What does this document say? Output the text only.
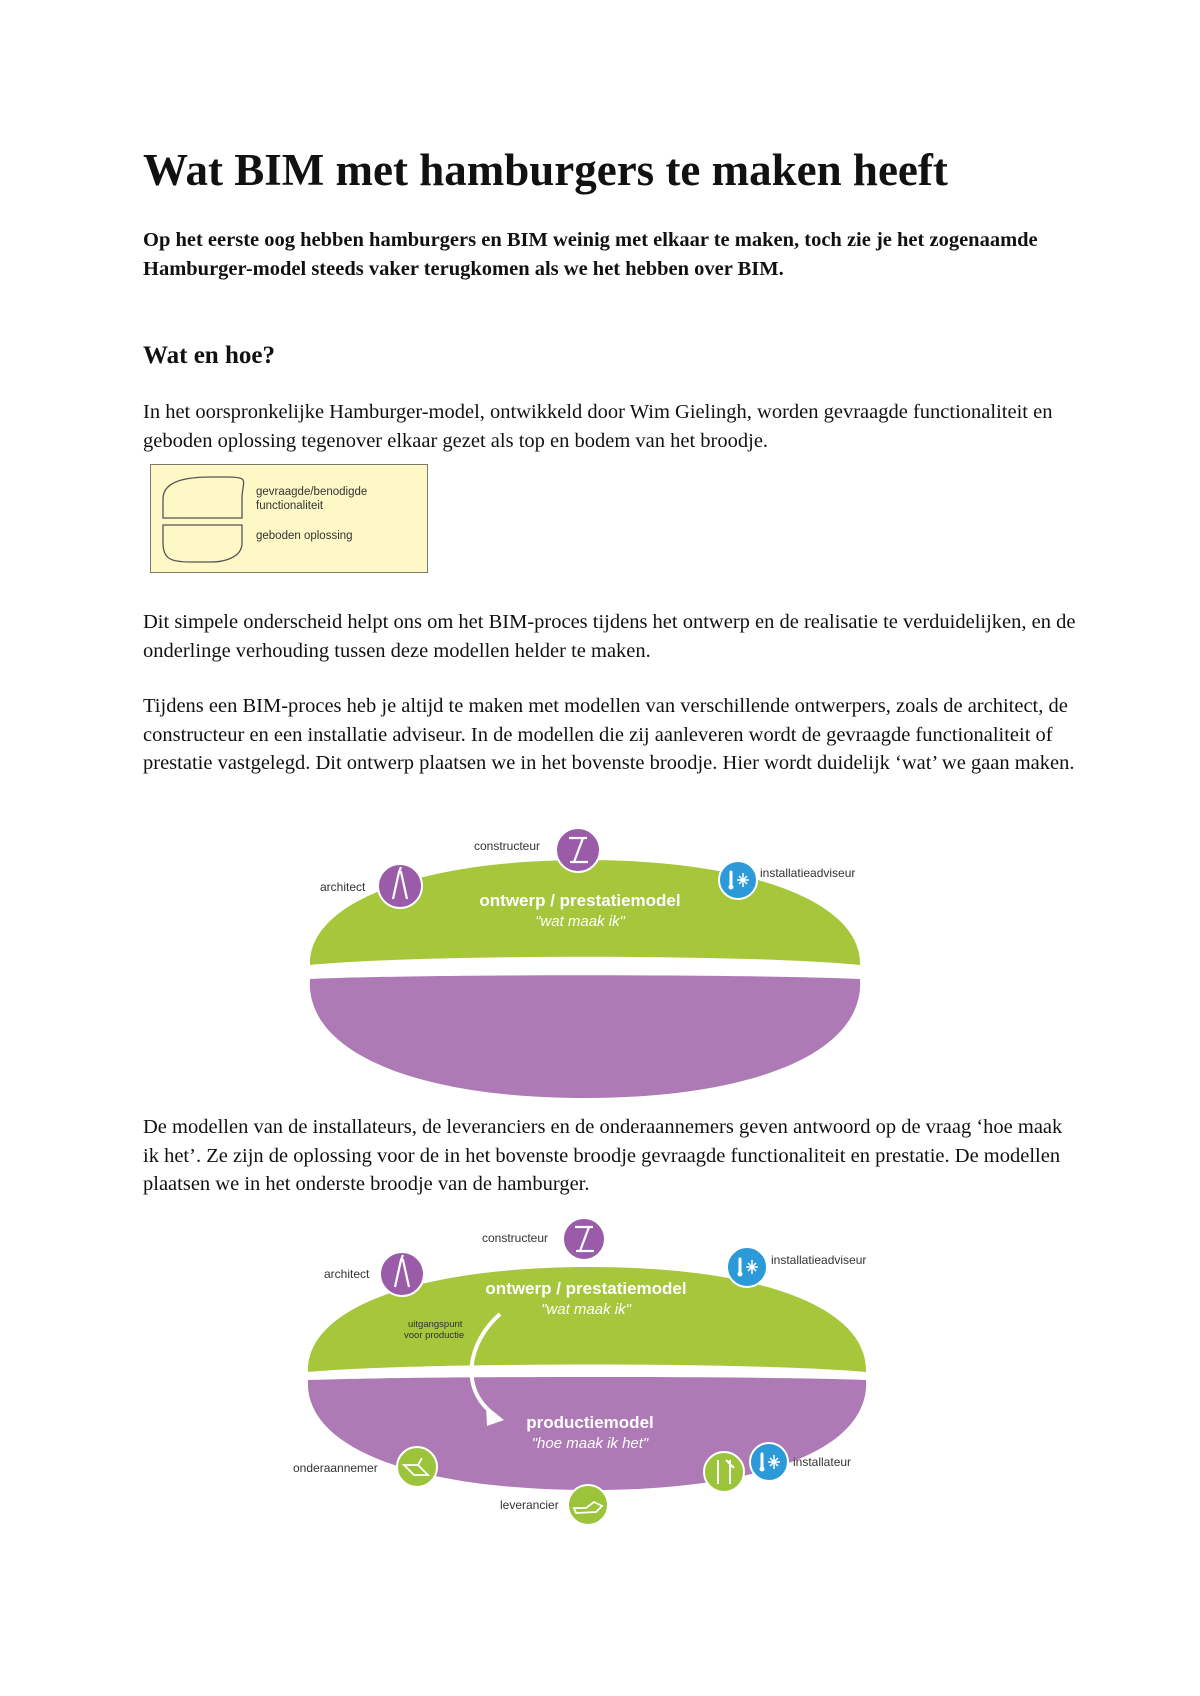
Wat BIM met hamburgers te maken heeft

Op het eerste oog hebben hamburgers en BIM weinig met elkaar te maken, toch zie je het zogenaamde Hamburger-model steeds vaker terugkomen als we het hebben over BIM.

Wat en hoe?

In het oorspronkelijke Hamburger-model, ontwikkeld door Wim Gielingh, worden gevraagde functionaliteit en geboden oplossing tegenover elkaar gezet als top en bodem van het broodje.

gevraagde/benodigde functionaliteit
geboden oplossing

Dit simpele onderscheid helpt ons om het BIM-proces tijdens het ontwerp en de realisatie te verduidelijken, en de onderlinge verhouding tussen deze modellen helder te maken.

Tijdens een BIM-proces heb je altijd te maken met modellen van verschillende ontwerpers, zoals de architect, de constructeur en een installatie adviseur. In de modellen die zij aanleveren wordt de gevraagde functionaliteit of prestatie vastgelegd. Dit ontwerp plaatsen we in het bovenste broodje. Hier wordt duidelijk ‘wat’ we gaan maken.

architect
constructeur
installatieadviseur
ontwerp / prestatiemodel
"wat maak ik"

De modellen van de installateurs, de leveranciers en de onderaannemers geven antwoord op de vraag ‘hoe maak ik het’. Ze zijn de oplossing voor de in het bovenste broodje gevraagde functionaliteit en prestatie. De modellen plaatsen we in het onderste broodje van de hamburger.

architect
constructeur
installatieadviseur
ontwerp / prestatiemodel
"wat maak ik"
uitgangspunt
voor productie
productiemodel
"hoe maak ik het"
onderaannemer
leverancier
installateur
